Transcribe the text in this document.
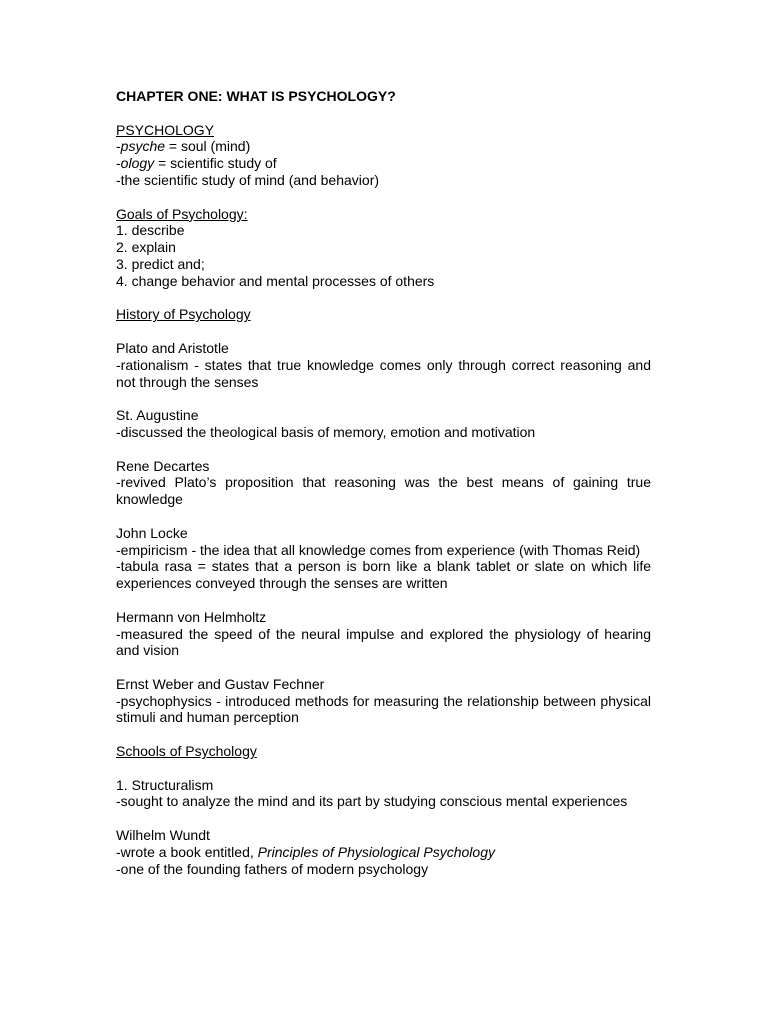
CHAPTER ONE: WHAT IS PSYCHOLOGY?

PSYCHOLOGY
-psyche = soul (mind)
-ology = scientific study of
-the scientific study of mind (and behavior)
Goals of Psychology:
1. describe
2. explain
3. predict and;
4. change behavior and mental processes of others
History of Psychology
Plato and Aristotle
-rationalism - states that true knowledge comes only through correct reasoning and not through the senses
St. Augustine
-discussed the theological basis of memory, emotion and motivation
Rene Decartes
-revived Plato’s proposition that reasoning was the best means of gaining true knowledge
John Locke
-empiricism - the idea that all knowledge comes from experience (with Thomas Reid)
-tabula rasa = states that a person is born like a blank tablet or slate on which life experiences conveyed through the senses are written
Hermann von Helmholtz
-measured the speed of the neural impulse and explored the physiology of hearing and vision
Ernst Weber and Gustav Fechner
-psychophysics - introduced methods for measuring the relationship between physical stimuli and human perception
Schools of Psychology
1. Structuralism
-sought to analyze the mind and its part by studying conscious mental experiences
Wilhelm Wundt
-wrote a book entitled, Principles of Physiological Psychology
-one of the founding fathers of modern psychology
